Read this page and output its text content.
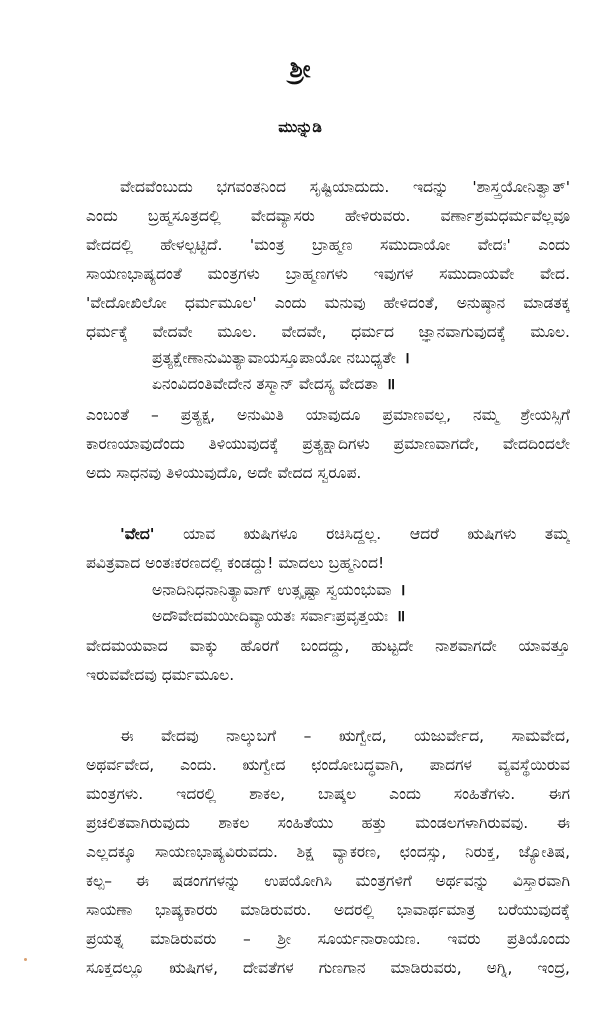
ಶ್ರೀ
ಮುನ್ನುಡಿ
ವೇದವೆಂಬುದು ಭಗವಂತನಿಂದ ಸೃಷ್ಟಿಯಾದುದು. ಇದನ್ನು 'ಶಾಸ್ತ್ರಯೋನಿತ್ವಾತ್'
ಎಂದು ಬ್ರಹ್ಮಸೂತ್ರದಲ್ಲಿ ವೇದವ್ಯಾಸರು ಹೇಳಿರುವರು. ವರ್ಣಾಶ್ರಮಧರ್ಮವೆಲ್ಲವೂ
ವೇದದಲ್ಲಿ ಹೇಳಲ್ಪಟ್ಟಿದೆ. 'ಮಂತ್ರ ಬ್ರಾಹ್ಮಣ ಸಮುದಾಯೋ ವೇದಃ' ಎಂದು
ಸಾಯಣಭಾಷ್ಯದಂತೆ ಮಂತ್ರಗಳು ಬ್ರಾಹ್ಮಣಗಳು ಇವುಗಳ ಸಮುದಾಯವೇ ವೇದ.
'ವೇದೋಖಿಲೋ ಧರ್ಮಮೂಲ' ಎಂದು ಮನುವು ಹೇಳಿದಂತೆ, ಅನುಷ್ಠಾನ ಮಾಡತಕ್ಕ
ಧರ್ಮಕ್ಕೆ ವೇದವೇ ಮೂಲ. ವೇದವೇ, ಧರ್ಮದ ಜ್ಞಾನವಾಗುವುದಕ್ಕೆ ಮೂಲ.
ಪ್ರತ್ಯಕ್ಷೇಣಾನುಮಿತ್ಯಾವಾಯಸ್ತೂಪಾಯೋ ನಬುಧ್ಯತೇ ।
ಏನಂವಿದಂತಿವೇದೇನ ತಸ್ಮಾನ್ ವೇದಸ್ಯ ವೇದತಾ ॥
ಎಂಬಂತೆ – ಪ್ರತ್ಯಕ್ಷ, ಅನುಮಿತಿ ಯಾವುದೂ ಪ್ರಮಾಣವಲ್ಲ, ನಮ್ಮ ಶ್ರೇಯಸ್ಸಿಗೆ
ಕಾರಣಯಾವುದೆಂದು ತಿಳಿಯುವುದಕ್ಕೆ ಪ್ರತ್ಯಕ್ಷಾದಿಗಳು ಪ್ರಮಾಣವಾಗದೇ, ವೇದದಿಂದಲೇ
ಅದು ಸಾಧನವು ತಿಳಿಯುವುದೊ, ಅದೇ ವೇದದ ಸ್ವರೂಪ.
'ವೇದ' ಯಾವ ಋಷಿಗಳೂ ರಚಿಸಿದ್ದಲ್ಲ. ಆದರೆ ಋಷಿಗಳು ತಮ್ಮ
ಪವಿತ್ರವಾದ ಅಂತಃಕರಣದಲ್ಲಿ ಕಂಡದ್ದು! ಮಾದಲು ಬ್ರಹ್ಮನಿಂದ!
ಅನಾದಿನಿಧನಾನಿತ್ಯಾವಾಗ್ ಉತ್ಸೃಷ್ಟಾ ಸ್ವಯಂಭುವಾ ।
ಅದೌವೇದಮಯೀದಿವ್ಯಾಯತಃ ಸರ್ವಾಃಪ್ರವೃತ್ತಯಃ ॥
ವೇದಮಯವಾದ ವಾಕ್ಕು ಹೊರಗೆ ಬಂದದ್ದು, ಹುಟ್ಟದೇ ನಾಶವಾಗದೇ ಯಾವತ್ತೂ
ಇರುವವೇದವು ಧರ್ಮಮೂಲ.
ಈ ವೇದವು ನಾಲ್ಕುಬಗೆ – ಋಗ್ವೇದ, ಯಜುರ್ವೇದ, ಸಾಮವೇದ,
ಅಥರ್ವವೇದ, ಎಂದು. ಋಗ್ವೇದ ಛಂದೋಬದ್ಧವಾಗಿ, ಪಾದಗಳ ವ್ಯವಸ್ಥೆಯಿರುವ
ಮಂತ್ರಗಳು. ಇದರಲ್ಲಿ ಶಾಕಲ, ಬಾಷ್ಕಲ ಎಂದು ಸಂಹಿತೆಗಳು. ಈಗ
ಪ್ರಚಲಿತವಾಗಿರುವುದು ಶಾಕಲ ಸಂಹಿತೆಯು ಹತ್ತು ಮಂಡಲಗಳಾಗಿರುವವು. ಈ
ಎಲ್ಲದಕ್ಕೂ ಸಾಯಣಭಾಷ್ಯವಿರುವದು. ಶಿಕ್ಷ ವ್ಯಾಕರಣ, ಛಂದಸ್ಸು, ನಿರುಕ್ತ, ಜ್ಯೋತಿಷ,
ಕಲ್ಪ– ಈ ಷಡಂಗಗಳನ್ನು ಉಪಯೋಗಿಸಿ ಮಂತ್ರಗಳಿಗೆ ಅರ್ಥವನ್ನು ವಿಸ್ತಾರವಾಗಿ
ಸಾಯಣಾ ಭಾಷ್ಯಕಾರರು ಮಾಡಿರುವರು. ಅದರಲ್ಲಿ ಭಾವಾರ್ಥಮಾತ್ರ ಬರೆಯುವುದಕ್ಕೆ
ಪ್ರಯತ್ನ ಮಾಡಿರುವರು – ಶ್ರೀ ಸೂರ್ಯನಾರಾಯಣ. ಇವರು ಪ್ರತಿಯೊಂದು
ಸೂಕ್ತದಲ್ಲೂ ಋಷಿಗಳ, ದೇವತೆಗಳ ಗುಣಗಾನ ಮಾಡಿರುವರು, ಅಗ್ನಿ, ಇಂದ್ರ,
